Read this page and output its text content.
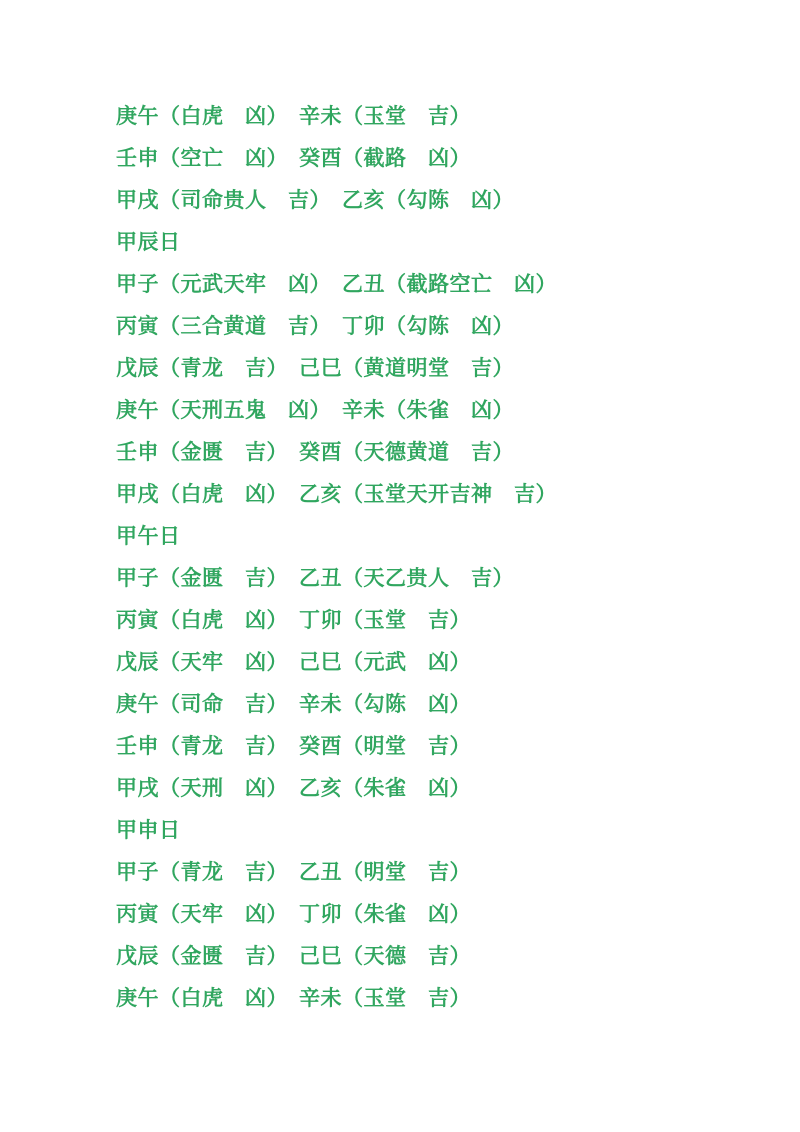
庚午（白虎　凶）　辛未（玉堂　吉）
壬申（空亡　凶）　癸酉（截路　凶）
甲戌（司命贵人　吉）　乙亥（勾陈　凶）
甲辰日
甲子（元武天牢　凶）　乙丑（截路空亡　凶）
丙寅（三合黄道　吉）　丁卯（勾陈　凶）
戊辰（青龙　吉）　己巳（黄道明堂　吉）
庚午（天刑五鬼　凶）　辛未（朱雀　凶）
壬申（金匮　吉）　癸酉（天德黄道　吉）
甲戌（白虎　凶）　乙亥（玉堂天开吉神　吉）
甲午日
甲子（金匮　吉）　乙丑（天乙贵人　吉）
丙寅（白虎　凶）　丁卯（玉堂　吉）
戊辰（天牢　凶）　己巳（元武　凶）
庚午（司命　吉）　辛未（勾陈　凶）
壬申（青龙　吉）　癸酉（明堂　吉）
甲戌（天刑　凶）　乙亥（朱雀　凶）
甲申日
甲子（青龙　吉）　乙丑（明堂　吉）
丙寅（天牢　凶）　丁卯（朱雀　凶）
戊辰（金匮　吉）　己巳（天德　吉）
庚午（白虎　凶）　辛未（玉堂　吉）
